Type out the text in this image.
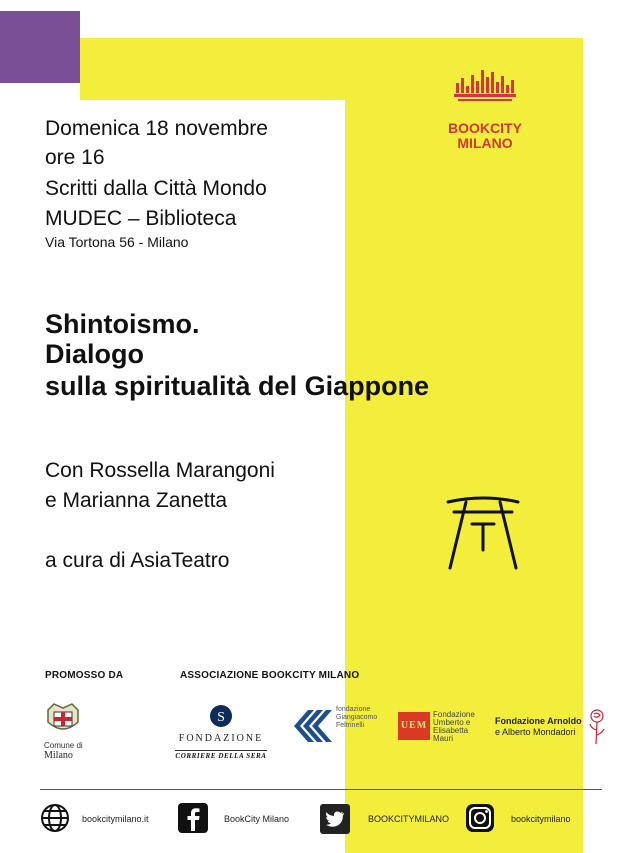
BOOKCITY
MILANO
Domenica 18 novembre
ore 16
Scritti dalla Città Mondo
MUDEC – Biblioteca
Via Tortona 56 - Milano
Shintoismo.
Dialogo
sulla spiritualità del Giappone
Con Rossella Marangoni
e Marianna Zanetta
a cura di AsiaTeatro
PROMOSSO DA	ASSOCIAZIONE BOOKCITY MILANO
Comune di
Milano
S
FONDAZIONE
CORRIERE DELLA SERA
fondazione
Giangiacomo
Feltrinelli	UEM
Fondazione
Umberto e
Elisabetta
Mauri
Fondazione Arnoldo
e Alberto Mondadori
bookcitymilano.it	BookCity Milano	BOOKCITYMILANO	bookcitymilano
